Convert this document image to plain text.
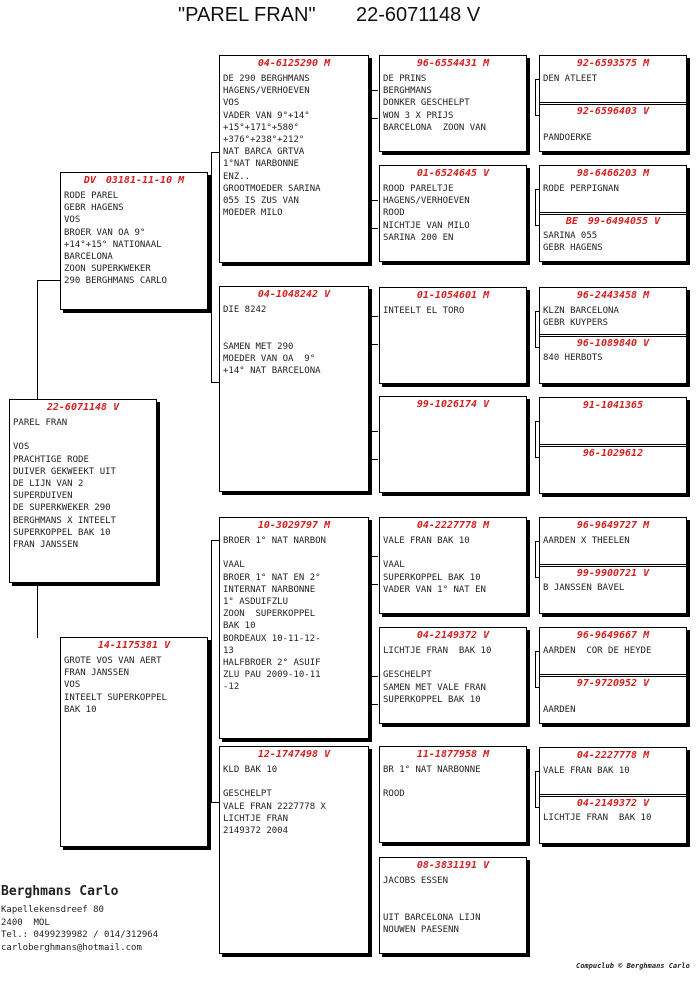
"PAREL FRAN" 22-6071148 V
Berghmans Carlo
Kapellekensdreef 80
2400  MOL
Tel.: 0499239982 / 014/312964
carloberghmans@hotmail.com
Compuclub © Berghmans Carlo
22-6071148 V
PAREL FRAN

VOS
PRACHTIGE RODE
DUIVER GEKWEEKT UIT
DE LIJN VAN 2
SUPERDUIVEN
DE SUPERKWEKER 290
BERGHMANS X INTEELT
SUPERKOPPEL BAK 10
FRAN JANSSEN
DV 03181-11-10 M
RODE PAREL
GEBR HAGENS
VOS
BROER VAN OA 9°
+14°+15° NATIONAAL
BARCELONA
ZOON SUPERKWEKER
290 BERGHMANS CARLO
14-1175381 V
GROTE VOS VAN AERT
FRAN JANSSEN
VOS
INTEELT SUPERKOPPEL
BAK 10
04-6125290 M
DE 290 BERGHMANS
HAGENS/VERHOEVEN
VOS
VADER VAN 9°+14°
+15°+171°+580°
+376°+238°+212°
NAT BARCA GRTVA
1°NAT NARBONNE
ENZ..
GROOTMOEDER SARINA
055 IS ZUS VAN
MOEDER MILO
04-1048242 V
DIE 8242

SAMEN MET 290
MOEDER VAN OA  9°
+14° NAT BARCELONA
10-3029797 M
BROER 1° NAT NARBON

VAAL
BROER 1° NAT EN 2°
INTERNAT NARBONNE
1° ASDUIFZLU
ZOON  SUPERKOPPEL
BAK 10
BORDEAUX 10-11-12-
13
HALFBROER 2° ASUIF
ZLU PAU 2009-10-11
-12
12-1747498 V
KLD BAK 10

GESCHELPT
VALE FRAN 2227778 X
LICHTJE FRAN
2149372 2004
96-6554431 M
DE PRINS
BERGHMANS
DONKER GESCHELPT
WON 3 X PRIJS
BARCELONA  ZOON VAN
01-6524645 V
ROOD PARELTJE
HAGENS/VERHOEVEN
ROOD
NICHTJE VAN MILO
SARINA 200 EN
01-1054601 M
INTEELT EL TORO
99-1026174 V
04-2227778 M
VALE FRAN BAK 10

VAAL
SUPERKOPPEL BAK 10
VADER VAN 1° NAT EN
04-2149372 V
LICHTJE FRAN  BAK 10

GESCHELPT
SAMEN MET VALE FRAN
SUPERKOPPEL BAK 10
11-1877958 M
BR 1° NAT NARBONNE

ROOD
08-3831191 V
JACOBS ESSEN

UIT BARCELONA LIJN
NOUWEN PAESENN
92-6593575 M
DEN ATLEET
92-6596403 V

PANDOERKE
98-6466203 M
RODE PERPIGNAN
BE 99-6494055 V
SARINA 055
GEBR HAGENS
96-2443458 M
KLZN BARCELONA
GEBR KUYPERS
96-1089840 V
840 HERBOTS
91-1041365
96-1029612
96-9649727 M
AARDEN X THEELEN
99-9900721 V
B JANSSEN BAVEL
96-9649667 M
AARDEN  COR DE HEYDE
97-9720952 V

AARDEN
04-2227778 M
VALE FRAN BAK 10
04-2149372 V
LICHTJE FRAN  BAK 10
